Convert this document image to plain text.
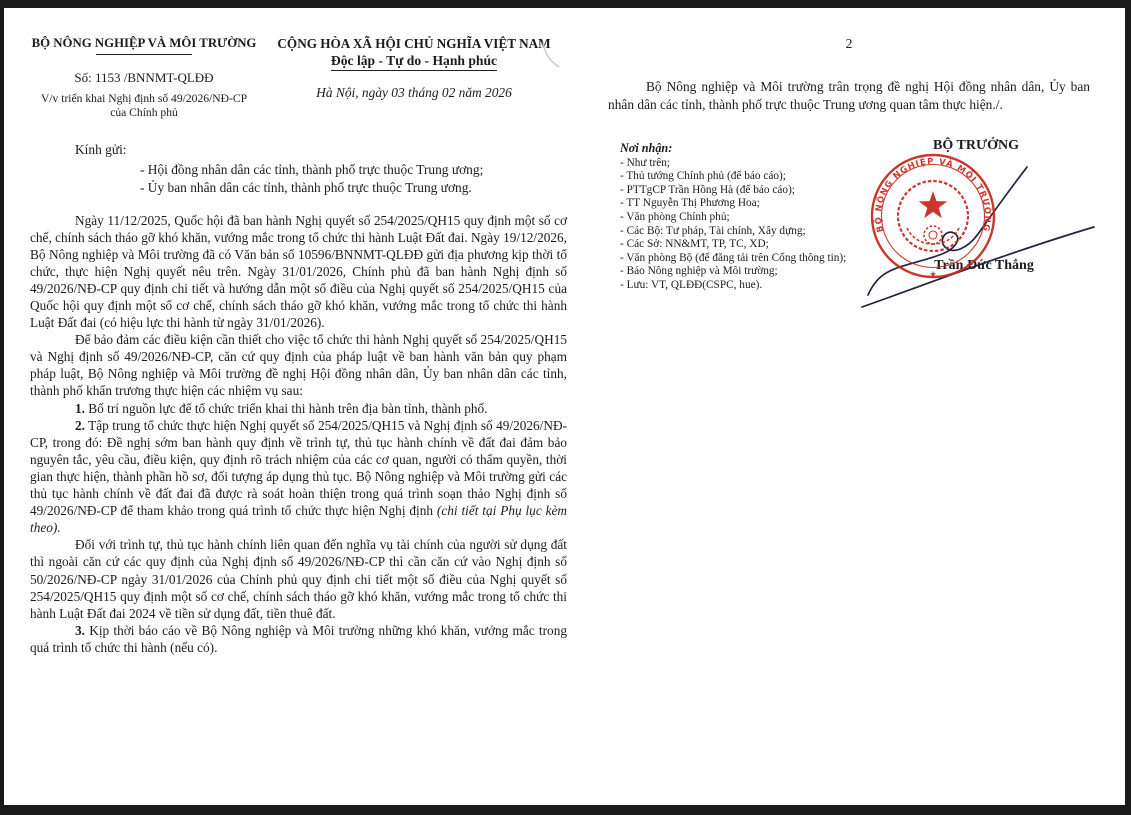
BỘ NÔNG NGHIỆP VÀ MÔI TRƯỜNG
Số: 1153 /BNNMT-QLĐĐ
V/v triển khai Nghị định số 49/2026/NĐ-CP
của Chính phủ
CỘNG HÒA XÃ HỘI CHỦ NGHĨA VIỆT NAM
Độc lập - Tự do - Hạnh phúc
Hà Nội, ngày 03 tháng 02 năm 2026
Kính gửi:
- Hội đồng nhân dân các tỉnh, thành phố trực thuộc Trung ương;
- Ủy ban nhân dân các tỉnh, thành phố trực thuộc Trung ương.

Ngày 11/12/2025, Quốc hội đã ban hành Nghị quyết số 254/2025/QH15 quy định một số cơ chế, chính sách tháo gỡ khó khăn, vướng mắc trong tổ chức thi hành Luật Đất đai. Ngày 19/12/2026, Bộ Nông nghiệp và Môi trường đã có Văn bản số 10596/BNNMT-QLĐĐ gửi địa phương kịp thời tổ chức, thực hiện Nghị quyết nêu trên. Ngày 31/01/2026, Chính phủ đã ban hành Nghị định số 49/2026/NĐ-CP quy định chi tiết và hướng dẫn một số điều của Nghị quyết số 254/2025/QH15 của Quốc hội quy định một số cơ chế, chính sách tháo gỡ khó khăn, vướng mắc trong tổ chức thi hành Luật Đất đai (có hiệu lực thi hành từ ngày 31/01/2026).

Để bảo đảm các điều kiện cần thiết cho việc tổ chức thi hành Nghị quyết số 254/2025/QH15 và Nghị định số 49/2026/NĐ-CP, căn cứ quy định của pháp luật về ban hành văn bản quy phạm pháp luật, Bộ Nông nghiệp và Môi trường đề nghị Hội đồng nhân dân, Ủy ban nhân dân các tỉnh, thành phố khẩn trương thực hiện các nhiệm vụ sau:

1. Bố trí nguồn lực để tổ chức triển khai thi hành trên địa bàn tỉnh, thành phố.

2. Tập trung tổ chức thực hiện Nghị quyết số 254/2025/QH15 và Nghị định số 49/2026/NĐ-CP, trong đó: Đề nghị sớm ban hành quy định về trình tự, thủ tục hành chính về đất đai đảm bảo nguyên tắc, yêu cầu, điều kiện, quy định rõ trách nhiệm của các cơ quan, người có thẩm quyền, thời gian thực hiện, thành phần hồ sơ, đối tượng áp dụng thủ tục. Bộ Nông nghiệp và Môi trường gửi các thủ tục hành chính về đất đai đã được rà soát hoàn thiện trong quá trình soạn thảo Nghị định số 49/2026/NĐ-CP để tham khảo trong quá trình tổ chức thực hiện Nghị định (chi tiết tại Phụ lục kèm theo).

Đối với trình tự, thủ tục hành chính liên quan đến nghĩa vụ tài chính của người sử dụng đất thì ngoài căn cứ các quy định của Nghị định số 49/2026/NĐ-CP thì cần căn cứ vào Nghị định số 50/2026/NĐ-CP ngày 31/01/2026 của Chính phủ quy định chi tiết một số điều của Nghị quyết số 254/2025/QH15 quy định một số cơ chế, chính sách tháo gỡ khó khăn, vướng mắc trong tổ chức thi hành Luật Đất đai 2024 về tiền sử dụng đất, tiền thuê đất.

3. Kịp thời báo cáo về Bộ Nông nghiệp và Môi trường những khó khăn, vướng mắc trong quá trình tổ chức thi hành (nếu có).

2
Bộ Nông nghiệp và Môi trường trân trọng đề nghị Hội đồng nhân dân, Ủy ban nhân dân các tỉnh, thành phố trực thuộc Trung ương quan tâm thực hiện./.
Nơi nhận:
- Như trên;
- Thủ tướng Chính phủ (để báo cáo);
- PTTgCP Trần Hồng Hà (để báo cáo);
- TT Nguyễn Thị Phương Hoa;
- Văn phòng Chính phủ;
- Các Bộ: Tư pháp, Tài chính, Xây dựng;
- Các Sở: NN&MT, TP, TC, XD;
- Văn phòng Bộ (để đăng tải trên Cổng thông tin);
- Báo Nông nghiệp và Môi trường;
- Lưu: VT, QLĐĐ(CSPC, hue).
BỘ TRƯỞNG
Trần Đức Thắng
BỘ NÔNG NGHIỆP VÀ MÔI TRƯỜNG
★
